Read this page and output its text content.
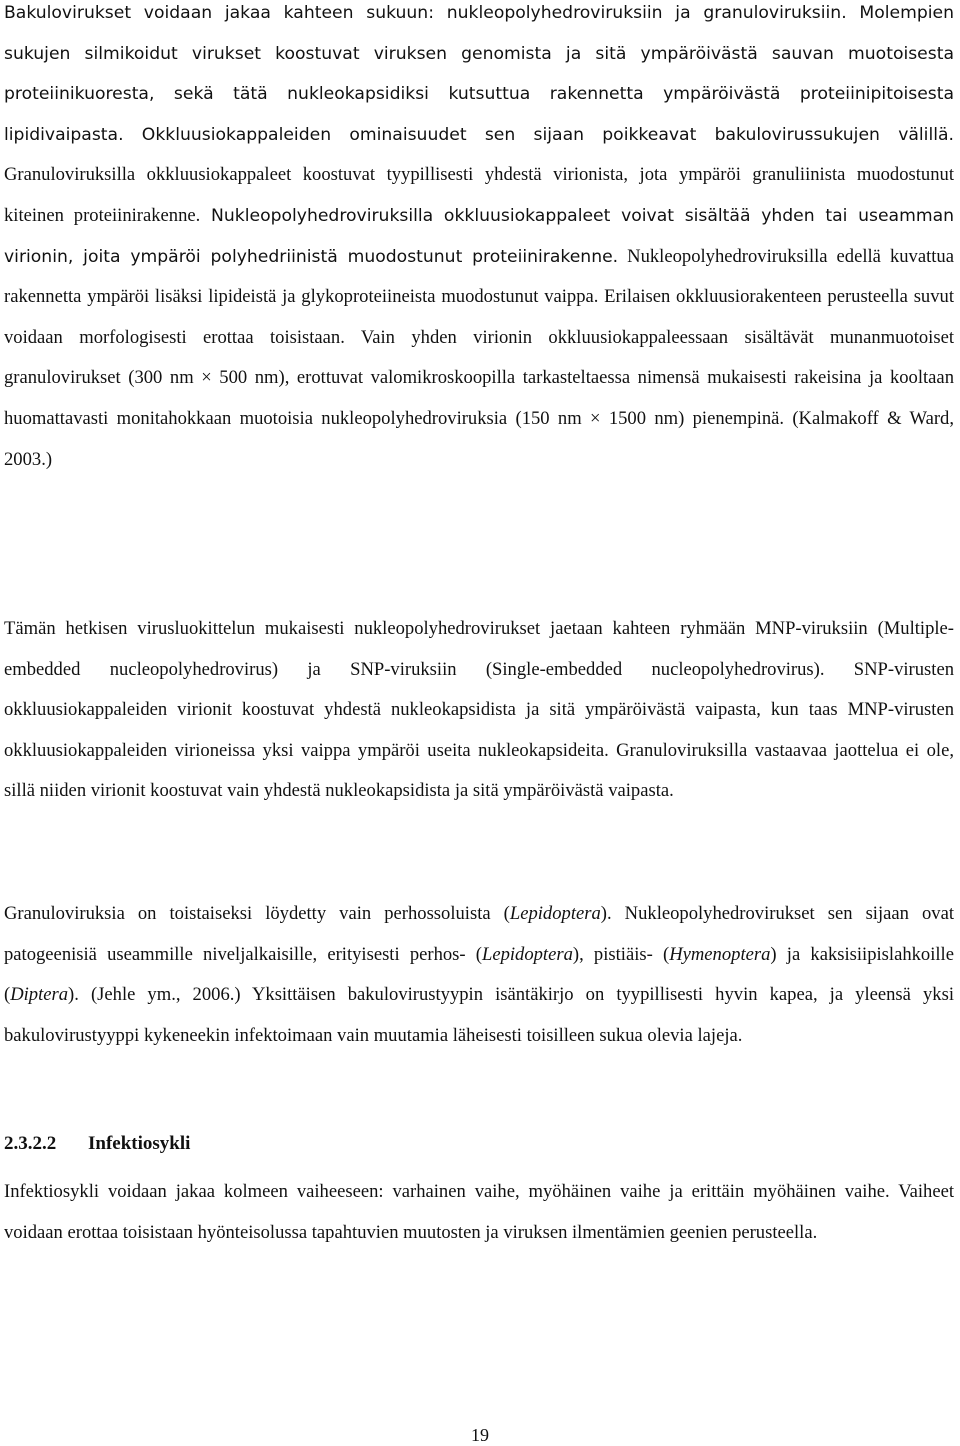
Bakulovirukset voidaan jakaa kahteen sukuun: nukleopolyhedroviruksiin ja granuloviruksiin. Molempien sukujen silmikoidut virukset koostuvat viruksen genomista ja sitä ympäröivästä sauvan muotoisesta proteiinikuoresta, sekä tätä nukleokapsidiksi kutsuttua rakennetta ympäröivästä proteiinipitoisesta lipidivaipasta. Okkluusiokappaleiden ominaisuudet sen sijaan poikkeavat bakulovirussukujen välillä. Granuloviruksilla okkluusiokappaleet koostuvat tyypillisesti yhdestä virionista, jota ympäröi granuliinista muodostunut kiteinen proteiinirakenne. Nukleopolyhedroviruksilla okkluusiokappaleet voivat sisältää yhden tai useamman virionin, joita ympäröi polyhedriinistä muodostunut proteiinirakenne. Nukleopolyhedroviruksilla edellä kuvattua rakennetta ympäröi lisäksi lipideistä ja glykoproteiineista muodostunut vaippa. Erilaisen okkluusiorakenteen perusteella suvut voidaan morfologisesti erottaa toisistaan. Vain yhden virionin okkluusiokappaleessaan sisältävät munanmuotoiset granulovirukset (300 nm × 500 nm), erottuvat valomikroskoopilla tarkasteltaessa nimensä mukaisesti rakeisina ja kooltaan huomattavasti monitahokkaan muotoisia nukleopolyhedroviruksia (150 nm × 1500 nm) pienempinä. (Kalmakoff & Ward, 2003.)

Tämän hetkisen virusluokittelun mukaisesti nukleopolyhedrovirukset jaetaan kahteen ryhmään MNP-viruksiin (Multiple-embedded nucleopolyhedrovirus) ja SNP-viruksiin (Single-embedded nucleopolyhedrovirus). SNP-virusten okkluusiokappaleiden virionit koostuvat yhdestä nukleokapsidista ja sitä ympäröivästä vaipasta, kun taas MNP-virusten okkluusiokappaleiden virioneissa yksi vaippa ympäröi useita nukleokapsideita. Granuloviruksilla vastaavaa jaottelua ei ole, sillä niiden virionit koostuvat vain yhdestä nukleokapsidista ja sitä ympäröivästä vaipasta.

Granuloviruksia on toistaiseksi löydetty vain perhossoluista (Lepidoptera). Nukleopolyhedrovirukset sen sijaan ovat patogeenisiä useammille niveljalkaisille, erityisesti perhos- (Lepidoptera), pistiäis- (Hymenoptera) ja kaksisiipislahkoille (Diptera). (Jehle ym., 2006.) Yksittäisen bakulovirustyypin isäntäkirjo on tyypillisesti hyvin kapea, ja yleensä yksi bakulovirustyyppi kykeneekin infektoimaan vain muutamia läheisesti toisilleen sukua olevia lajeja.

2.3.2.2 Infektiosykli

Infektiosykli voidaan jakaa kolmeen vaiheeseen: varhainen vaihe, myöhäinen vaihe ja erittäin myöhäinen vaihe. Vaiheet voidaan erottaa toisistaan hyönteisolussa tapahtuvien muutosten ja viruksen ilmentämien geenien perusteella.

19
